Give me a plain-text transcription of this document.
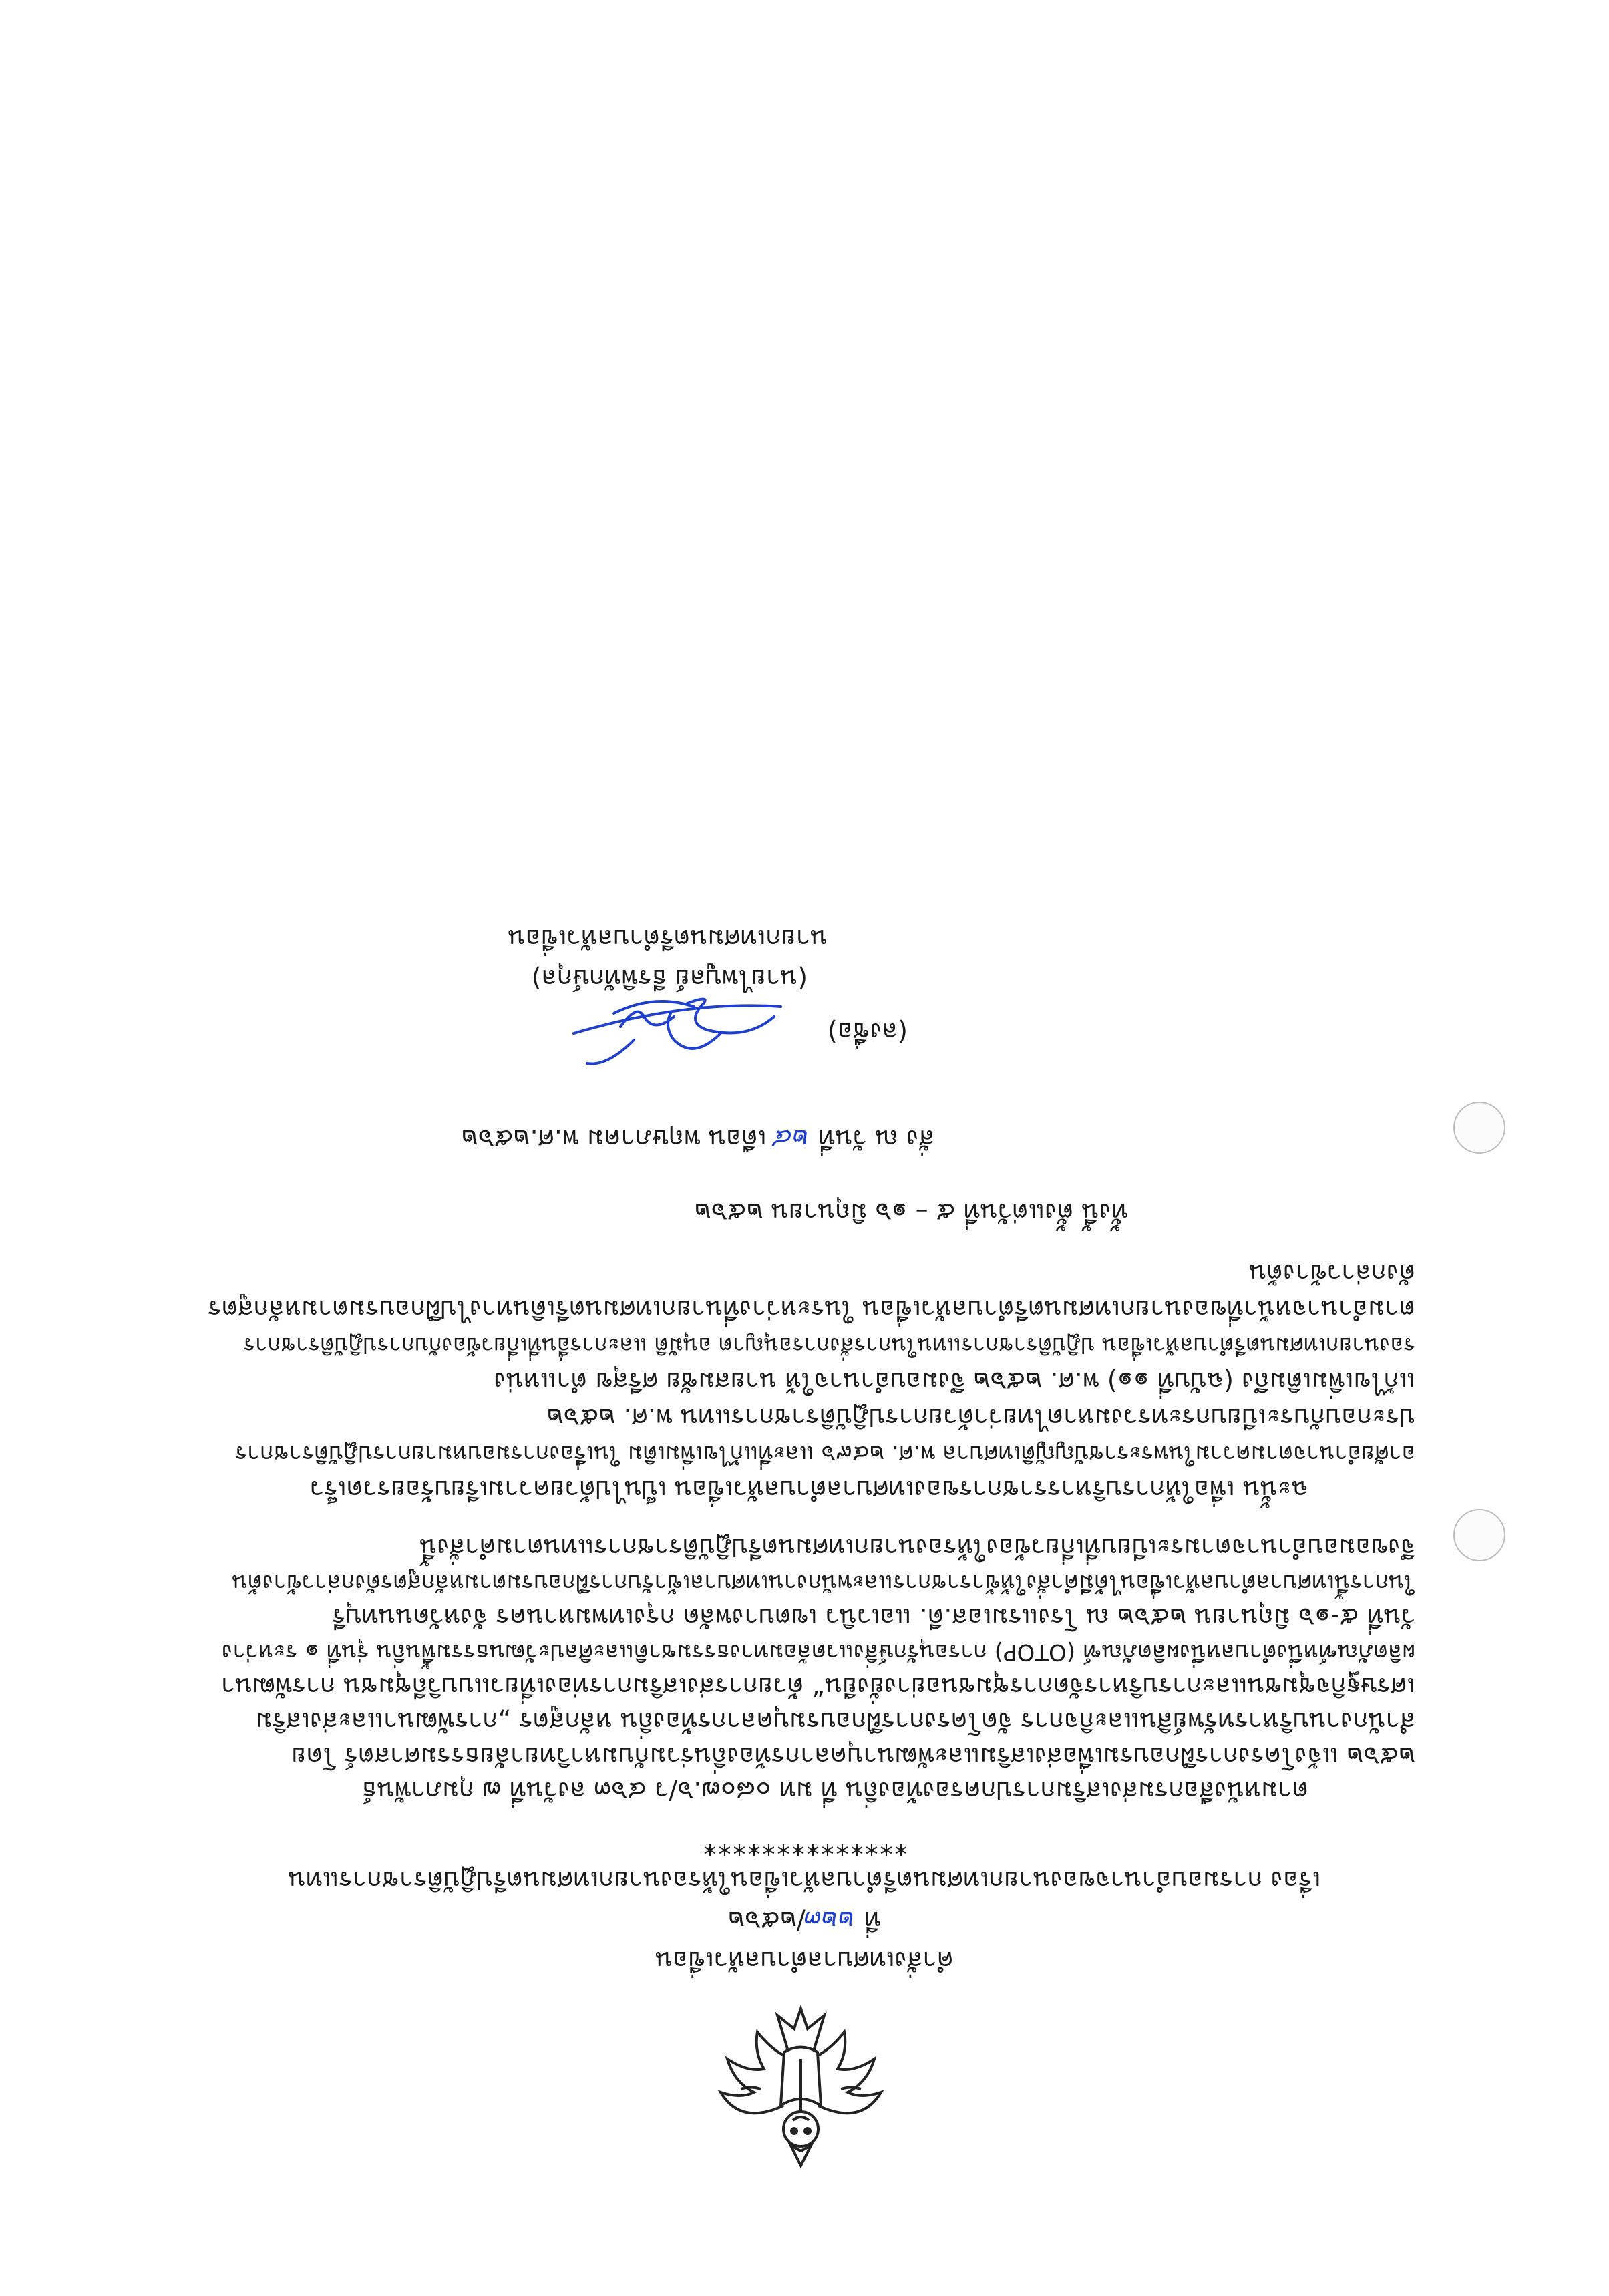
คำสั่งเทศบาลตำบลหัวเขื่อน
ที่ ๒๒๓/๒๕๖๒
เรื่อง การมอบอำนาจของนายกเทศมนตรีตำบลหัวเขื่อนให้รองนายกเทศมนตรีปฏิบัติราชการแทน
**************
ตามหนังสือกรมส่งเสริมการปกครองท้องถิ่น ที่ มท ๐๘๐๗.๖/ว ๔๖๓ ลงวันที่ ๗ กุมภาพันธ์
๒๕๖๒ แจ้งโครงการฝึกอบรมเพื่อส่งเสริมและพัฒนาบุคลากรท้องถิ่นร่วมกับมหาวิทยาลัยธรรมศาสตร์ โดย
สำนักงานบริหารทรัพย์สินและกิจการ จัดโครงการฝึกอบรมบุคลากรท้องถิ่น หลักสูตร „การพัฒนาและส่งเสริม
เศรษฐกิจชุมชนและการบริหารจัดการชุมชนอย่างยั่งยืน“ ด้วยการส่งเสริมการท่องเที่ยวแบบวิถีชุมชน การพัฒนา
ผลิตภัณฑ์หนึ่งตำบลหนึ่งผลิตภัณฑ์ (OTOP) การอนุรักษ์สิ่งแวดล้อมทางธรรมชาติและศิลปะวัฒนธรรมพื้นถิ่น รุ่นที่ ๑ ระหว่าง
วันที่ ๕-๑๖ มิถุนายน ๒๕๖๒ ณ โรงแรมเอส.ดี. แอเวนิว เขตบางพลัด กรุงเทพมหานคร จังหวัดนนทบุรี
ในการนี้เทศบาลตำบลหัวเขื่อนได้มีคำสั่งให้ข้าราชการและพนักงานเทศบาลเข้ารับการฝึกอบรมตามหลักสูตรดังกล่าวข้างต้น
จึงขอมอบอำนาจตามระเบียบที่เกี่ยวข้องให้รองนายกเทศมนตรีปฏิบัติราชการแทนตามคำสั่งนี้
ฉะนั้น เพื่อให้การบริหารราชการของเทศบาลตำบลหัวเขื่อน เป็นไปด้วยความเรียบร้อยรวดเร็ว
อาศัยอำนาจตามความในพระราชบัญญัติเทศบาล พ.ศ. ๒๔๙๖ และที่แก้ไขเพิ่มเติม ในเรื่องการมอบหมายการปฏิบัติราชการ
ประกอบกับระเบียบกระทรวงมหาดไทยว่าด้วยการปฏิบัติราชการแทน พ.ศ. ๒๕๖๒
แก้ไขเพิ่มเติมถึง (ฉบับที่ ๑๑) พ.ศ. ๒๕๖๒ จึงมอบอำนาจให้ นายสมชัย ศรีสุข ตำแหน่ง
รองนายกเทศมนตรีตำบลหัวเขื่อน ปฏิบัติราชการแทนในการสั่งการอนุญาต อนุมัติ และการอื่นที่เกี่ยวข้องกับการปฏิบัติราชการ
ตามอำนาจหน้าที่ของนายกเทศมนตรีตำบลหัวเขื่อน ในระหว่างที่นายกเทศมนตรีเดินทางไปฝึกอบรมตามหลักสูตร
ดังกล่าวข้างต้น
ทั้งนี้ ตั้งแต่วันที่ ๕ – ๑๖ มิถุนายน ๒๕๖๒
สั่ง ณ วันที่ ๒๔ เดือน พฤษภาคม พ.ศ.๒๕๖๒
(ลงชื่อ)
(นายไพบูลย์ ธีรพิทักษ์กุล)
นายกเทศมนตรีตำบลหัวเขื่อน
